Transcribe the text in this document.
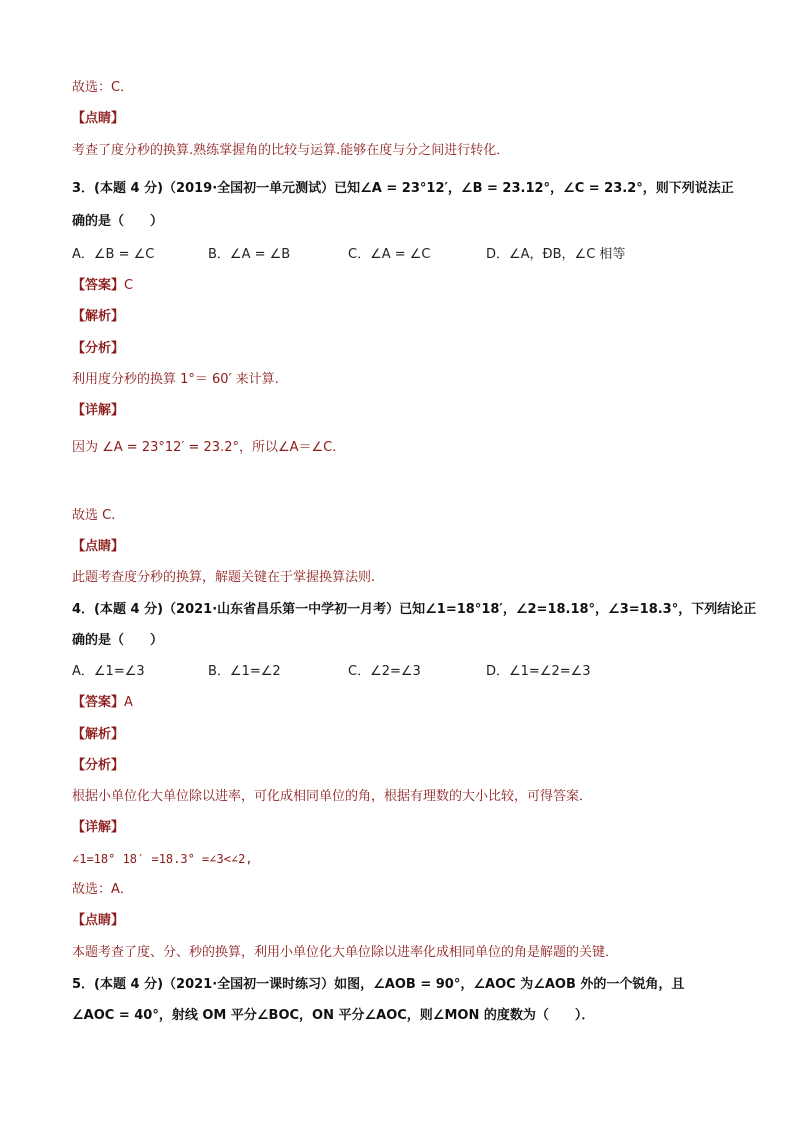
故选：C．
【点睛】
考查了度分秒的换算.熟练掌握角的比较与运算.能够在度与分之间进行转化．
3．(本题 4 分)（2019·全国初一单元测试）已知∠A = 23°12′，∠B = 23.12°，∠C = 23.2°，则下列说法正
确的是（　　）
A．∠B = ∠C	B．∠A = ∠B	C．∠A = ∠C	D．∠A，ÐB，∠C 相等
【答案】C
【解析】
【分析】
利用度分秒的换算 1°＝ 60′ 来计算.
【详解】
因为 ∠A = 23°12′ = 23.2°，所以∠A＝∠C.
故选 C.
【点睛】
此题考查度分秒的换算，解题关键在于掌握换算法则.
4．(本题 4 分)（2021·山东省昌乐第一中学初一月考）已知∠1=18°18′，∠2=18.18°，∠3=18.3°，下列结论正
确的是（　　）
A．∠1=∠3	B．∠1=∠2	C．∠2=∠3	D．∠1=∠2=∠3
【答案】A
【解析】
【分析】
根据小单位化大单位除以进率，可化成相同单位的角，根据有理数的大小比较，可得答案．
【详解】
∠1=18° 18′ =18.3° =∠3<∠2,
故选：A．
【点睛】
本题考查了度、分、秒的换算，利用小单位化大单位除以进率化成相同单位的角是解题的关键．
5．(本题 4 分)（2021·全国初一课时练习）如图，∠AOB = 90°，∠AOC 为∠AOB 外的一个锐角，且
∠AOC = 40°，射线 OM 平分∠BOC，ON 平分∠AOC，则∠MON 的度数为（　　）．
